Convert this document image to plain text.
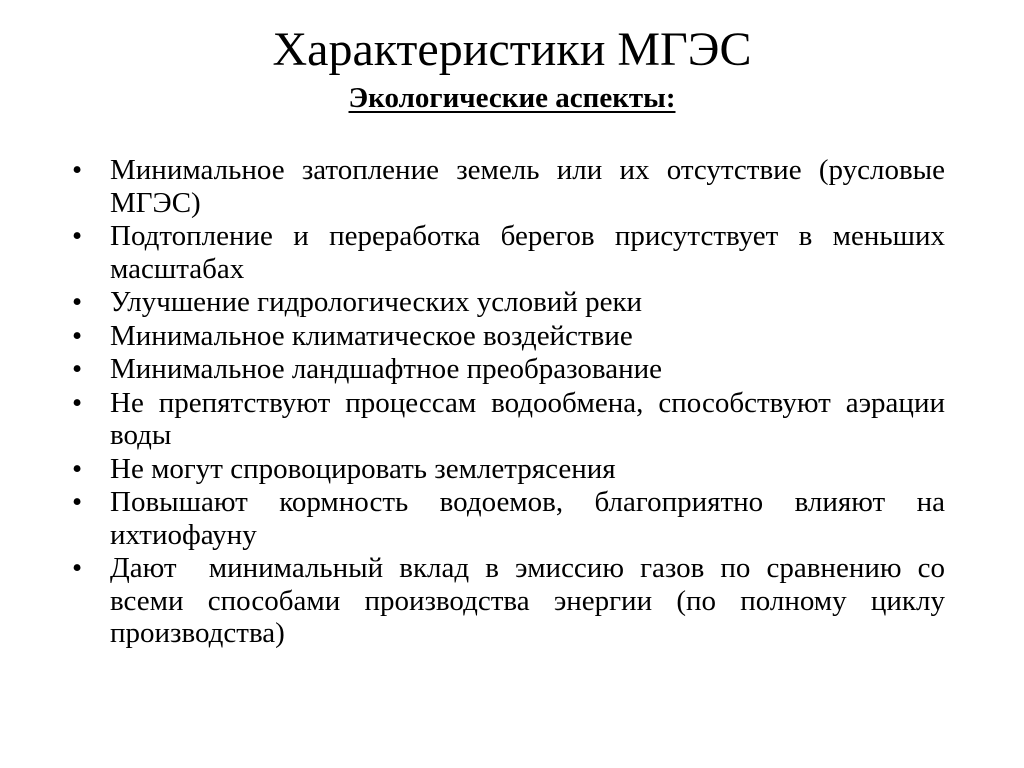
Характеристики МГЭС
Экологические аспекты:
• Минимальное затопление земель или их отсутствие (русловые МГЭС)
• Подтопление и переработка берегов присутствует в меньших масштабах
• Улучшение гидрологических условий реки
• Минимальное климатическое воздействие
• Минимальное ландшафтное преобразование
• Не препятствуют процессам водообмена, способствуют аэрации воды
• Не могут спровоцировать землетрясения
• Повышают кормность водоемов, благоприятно влияют на ихтиофауну
• Дают  минимальный вклад в эмиссию газов по сравнению со всеми способами производства энергии (по полному циклу производства)
